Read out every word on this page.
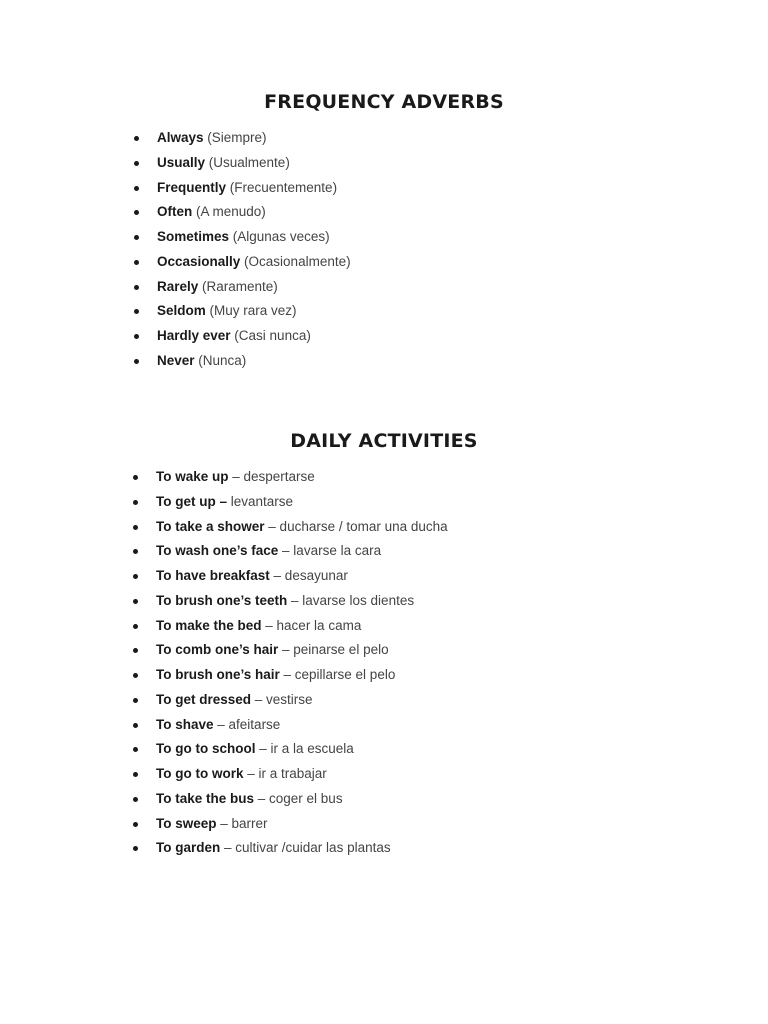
FREQUENCY ADVERBS
Always (Siempre)
Usually (Usualmente)
Frequently (Frecuentemente)
Often (A menudo)
Sometimes (Algunas veces)
Occasionally (Ocasionalmente)
Rarely (Raramente)
Seldom (Muy rara vez)
Hardly ever (Casi nunca)
Never (Nunca)
DAILY ACTIVITIES
To wake up – despertarse
To get up – levantarse
To take a shower – ducharse / tomar una ducha
To wash one’s face – lavarse la cara
To have breakfast – desayunar
To brush one’s teeth – lavarse los dientes
To make the bed – hacer la cama
To comb one’s hair – peinarse el pelo
To brush one’s hair – cepillarse el pelo
To get dressed – vestirse
To shave – afeitarse
To go to school – ir a la escuela
To go to work – ir a trabajar
To take the bus – coger el bus
To sweep – barrer
To garden – cultivar /cuidar las plantas
